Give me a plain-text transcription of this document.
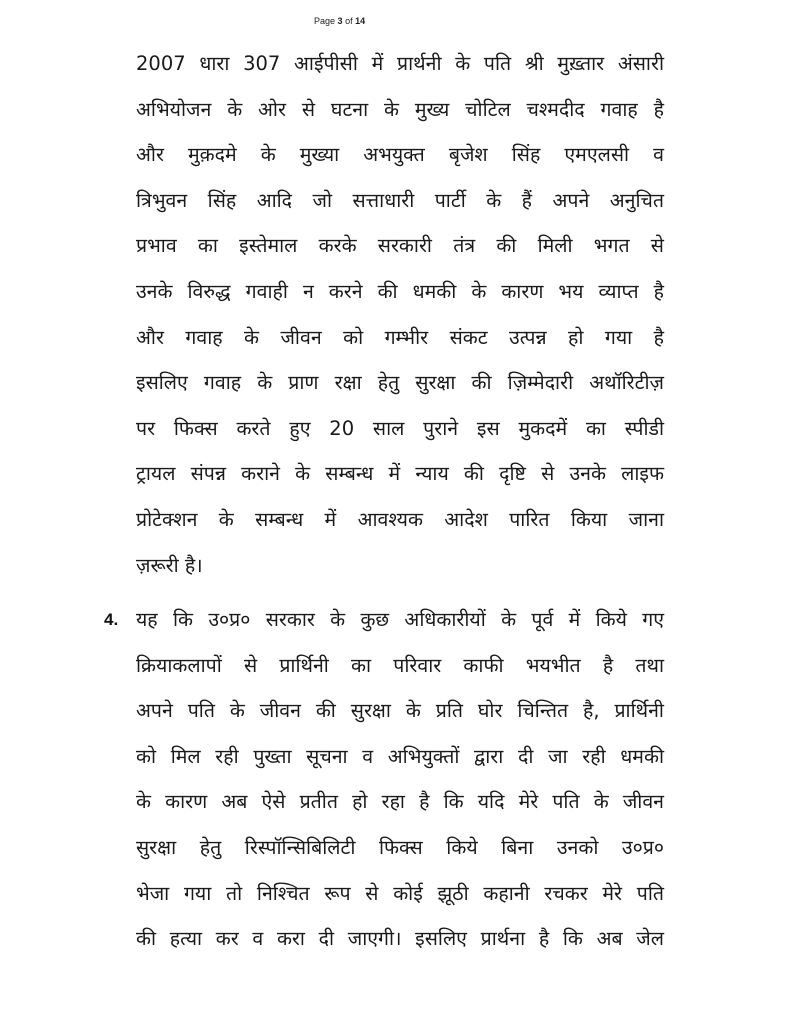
Page 3 of 14
2007 धारा 307 आईपीसी में प्रार्थनी के पति श्री मुख़्तार अंसारी
अभियोजन के ओर से घटना के मुख्य चोटिल चश्मदीद गवाह है
और मुक़दमे के मुख्या अभयुक्त बृजेश सिंह एमएलसी व
त्रिभुवन सिंह आदि जो सत्ताधारी पार्टी के हैं अपने अनुचित
प्रभाव का इस्तेमाल करके सरकारी तंत्र की मिली भगत से
उनके विरुद्ध गवाही न करने की धमकी के कारण भय व्याप्त है
और गवाह के जीवन को गम्भीर संकट उत्पन्न हो गया है
इसलिए गवाह के प्राण रक्षा हेतु सुरक्षा की ज़िम्मेदारी अथॉरिटीज़
पर फिक्स करते हुए 20 साल पुराने इस मुकदमें का स्पीडी
ट्रायल संपन्न कराने के सम्बन्ध में न्याय की दृष्टि से उनके लाइफ
प्रोटेक्शन के सम्बन्ध में आवश्यक आदेश पारित किया जाना
ज़रूरी है।
4. यह कि उ०प्र० सरकार के कुछ अधिकारीयों के पूर्व में किये गए
क्रियाकलापों से प्रार्थिनी का परिवार काफी भयभीत है तथा
अपने पति के जीवन की सुरक्षा के प्रति घोर चिन्तित है, प्रार्थिनी
को मिल रही पुख्ता सूचना व अभियुक्तों द्वारा दी जा रही धमकी
के कारण अब ऐसे प्रतीत हो रहा है कि यदि मेरे पति के जीवन
सुरक्षा हेतु रिस्पॉन्सिबिलिटी फिक्स किये बिना उनको उ०प्र०
भेजा गया तो निश्चित रूप से कोई झूठी कहानी रचकर मेरे पति
की हत्या कर व करा दी जाएगी। इसलिए प्रार्थना है कि अब जेल
